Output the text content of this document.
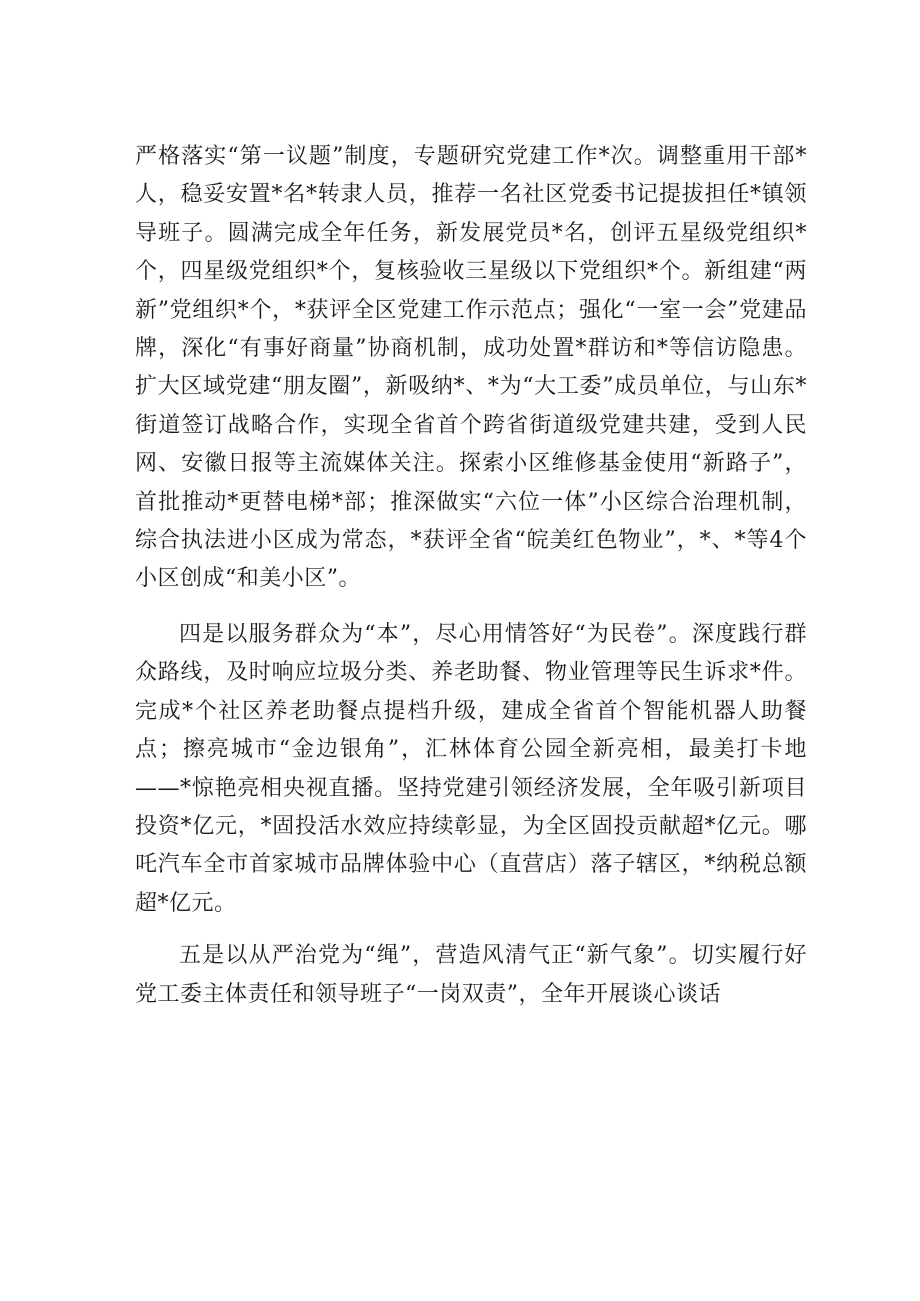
严格落实“第一议题”制度，专题研究党建工作*次。调整重用干部*人，稳妥安置*名*转隶人员，推荐一名社区党委书记提拔担任*镇领导班子。圆满完成全年任务，新发展党员*名，创评五星级党组织*个，四星级党组织*个，复核验收三星级以下党组织*个。新组建“两新”党组织*个，*获评全区党建工作示范点；强化“一室一会”党建品牌，深化“有事好商量”协商机制，成功处置*群访和*等信访隐患。扩大区域党建“朋友圈”，新吸纳*、*为“大工委”成员单位，与山东*街道签订战略合作，实现全省首个跨省街道级党建共建，受到人民网、安徽日报等主流媒体关注。探索小区维修基金使用“新路子”，首批推动*更替电梯*部；推深做实“六位一体”小区综合治理机制，综合执法进小区成为常态，*获评全省“皖美红色物业”，*、*等4个小区创成“和美小区”。

四是以服务群众为“本”，尽心用情答好“为民卷”。深度践行群众路线，及时响应垃圾分类、养老助餐、物业管理等民生诉求*件。完成*个社区养老助餐点提档升级，建成全省首个智能机器人助餐点；擦亮城市“金边银角”，汇林体育公园全新亮相，最美打卡地——*惊艳亮相央视直播。坚持党建引领经济发展，全年吸引新项目投资*亿元，*固投活水效应持续彰显，为全区固投贡献超*亿元。哪吒汽车全市首家城市品牌体验中心（直营店）落子辖区，*纳税总额超*亿元。

五是以从严治党为“绳”，营造风清气正“新气象”。切实履行好党工委主体责任和领导班子“一岗双责”，全年开展谈心谈话
